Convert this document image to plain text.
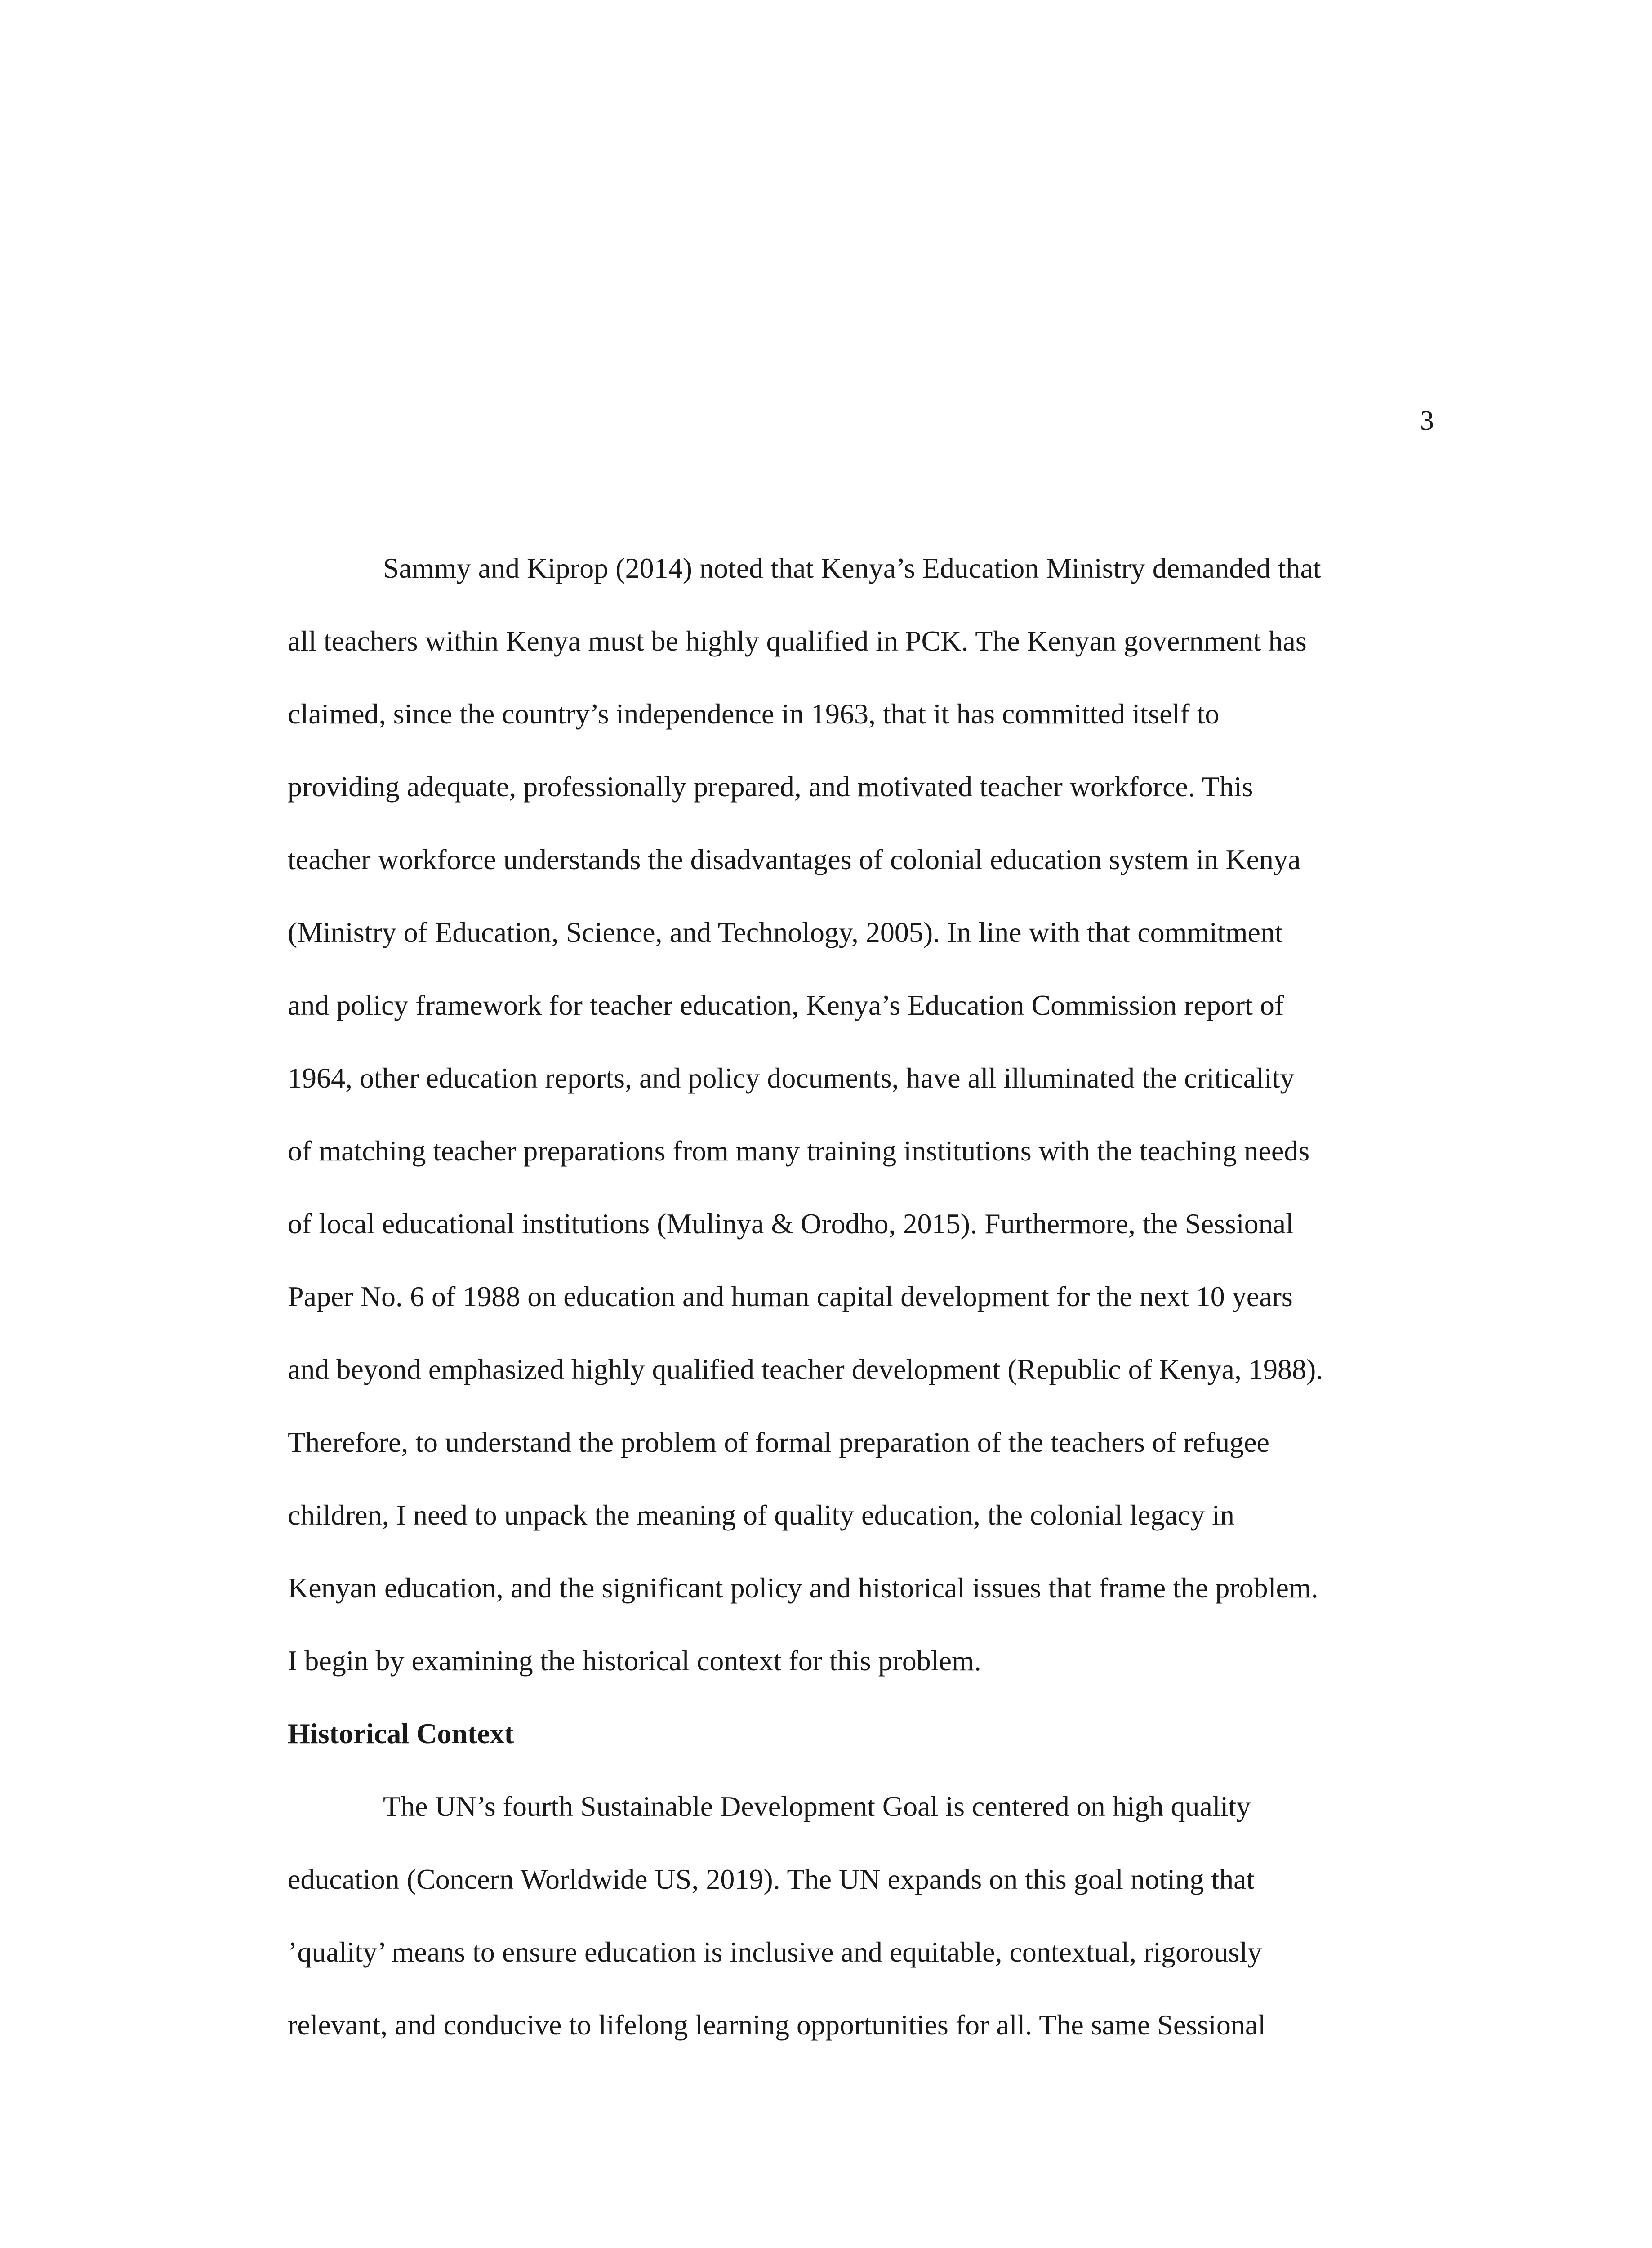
3

Sammy and Kiprop (2014) noted that Kenya’s Education Ministry demanded that

all teachers within Kenya must be highly qualified in PCK. The Kenyan government has

claimed, since the country’s independence in 1963, that it has committed itself to

providing adequate, professionally prepared, and motivated teacher workforce. This

teacher workforce understands the disadvantages of colonial education system in Kenya

(Ministry of Education, Science, and Technology, 2005). In line with that commitment

and policy framework for teacher education, Kenya’s Education Commission report of

1964, other education reports, and policy documents, have all illuminated the criticality

of matching teacher preparations from many training institutions with the teaching needs

of local educational institutions (Mulinya & Orodho, 2015). Furthermore, the Sessional

Paper No. 6 of 1988 on education and human capital development for the next 10 years

and beyond emphasized highly qualified teacher development (Republic of Kenya, 1988).

Therefore, to understand the problem of formal preparation of the teachers of refugee

children, I need to unpack the meaning of quality education, the colonial legacy in

Kenyan education, and the significant policy and historical issues that frame the problem.

I begin by examining the historical context for this problem.

Historical Context

The UN’s fourth Sustainable Development Goal is centered on high quality

education (Concern Worldwide US, 2019). The UN expands on this goal noting that

’quality’ means to ensure education is inclusive and equitable, contextual, rigorously

relevant, and conducive to lifelong learning opportunities for all. The same Sessional
